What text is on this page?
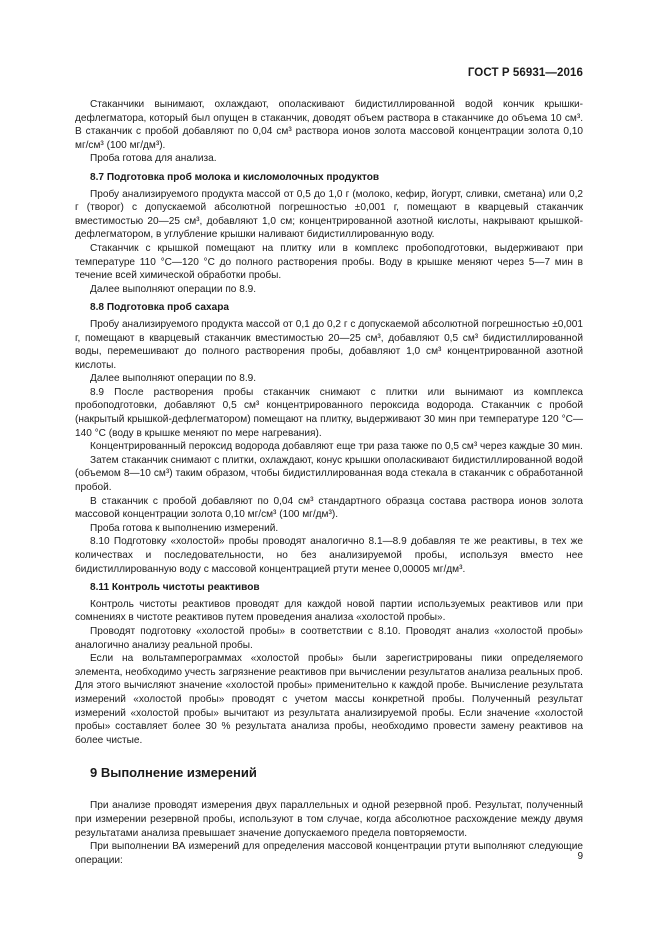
ГОСТ Р 56931—2016

Стаканчики вынимают, охлаждают, ополаскивают бидистиллированной водой кончик крышки-дефлегматора, который был опущен в стаканчик, доводят объем раствора в стаканчике до объема 10 см³. В стаканчик с пробой добавляют по 0,04 см³ раствора ионов золота массовой концентрации золота 0,10 мг/см³ (100 мг/дм³).

Проба готова для анализа.

8.7 Подготовка проб молока и кисломолочных продуктов

Пробу анализируемого продукта массой от 0,5 до 1,0 г (молоко, кефир, йогурт, сливки, сметана) или 0,2 г (творог) с допускаемой абсолютной погрешностью ±0,001 г, помещают в кварцевый стаканчик вместимостью 20—25 см³, добавляют 1,0 см; концентрированной азотной кислоты, накрывают крышкой-дефлегматором, в углубление крышки наливают бидистиллированную воду.

Стаканчик с крышкой помещают на плитку или в комплекс пробоподготовки, выдерживают при температуре 110 °С—120 °С до полного растворения пробы. Воду в крышке меняют через 5—7 мин в течение всей химической обработки пробы.

Далее выполняют операции по 8.9.

8.8 Подготовка проб сахара

Пробу анализируемого продукта массой от 0,1 до 0,2 г с допускаемой абсолютной погрешностью ±0,001 г, помещают в кварцевый стаканчик вместимостью 20—25 см³, добавляют 0,5 см³ бидистиллированной воды, перемешивают до полного растворения пробы, добавляют 1,0 см³ концентрированной азотной кислоты.

Далее выполняют операции по 8.9.

8.9 После растворения пробы стаканчик снимают с плитки или вынимают из комплекса пробоподготовки, добавляют 0,5 см³ концентрированного пероксида водорода. Стаканчик с пробой (накрытый крышкой-дефлегматором) помещают на плитку, выдерживают 30 мин при температуре 120 °С—140 °С (воду в крышке меняют по мере нагревания).

Концентрированный пероксид водорода добавляют еще три раза также по 0,5 см³ через каждые 30 мин.

Затем стаканчик снимают с плитки, охлаждают, конус крышки ополаскивают бидистиллированной водой (объемом 8—10 см³) таким образом, чтобы бидистиллированная вода стекала в стаканчик с обработанной пробой.

В стаканчик с пробой добавляют по 0,04 см³ стандартного образца состава раствора ионов золота массовой концентрации золота 0,10 мг/см³ (100 мг/дм³).

Проба готова к выполнению измерений.

8.10 Подготовку «холостой» пробы проводят аналогично 8.1—8.9 добавляя те же реактивы, в тех же количествах и последовательности, но без анализируемой пробы, используя вместо нее бидистиллированную воду с массовой концентрацией ртути менее 0,00005 мг/дм³.

8.11 Контроль чистоты реактивов

Контроль чистоты реактивов проводят для каждой новой партии используемых реактивов или при сомнениях в чистоте реактивов путем проведения анализа «холостой пробы».

Проводят подготовку «холостой пробы» в соответствии с 8.10. Проводят анализ «холостой пробы» аналогично анализу реальной пробы.

Если на вольтамперограммах «холостой пробы» были зарегистрированы пики определяемого элемента, необходимо учесть загрязнение реактивов при вычислении результатов анализа реальных проб. Для этого вычисляют значение «холостой пробы» применительно к каждой пробе. Вычисление результата измерений «холостой пробы» проводят с учетом массы конкретной пробы. Полученный результат измерений «холостой пробы» вычитают из результата анализируемой пробы. Если значение «холостой пробы» составляет более 30 % результата анализа пробы, необходимо провести замену реактивов на более чистые.

9 Выполнение измерений

При анализе проводят измерения двух параллельных и одной резервной проб. Результат, полученный при измерении резервной пробы, используют в том случае, когда абсолютное расхождение между двумя результатами анализа превышает значение допускаемого предела повторяемости.

При выполнении ВА измерений для определения массовой концентрации ртути выполняют следующие операции:	9
